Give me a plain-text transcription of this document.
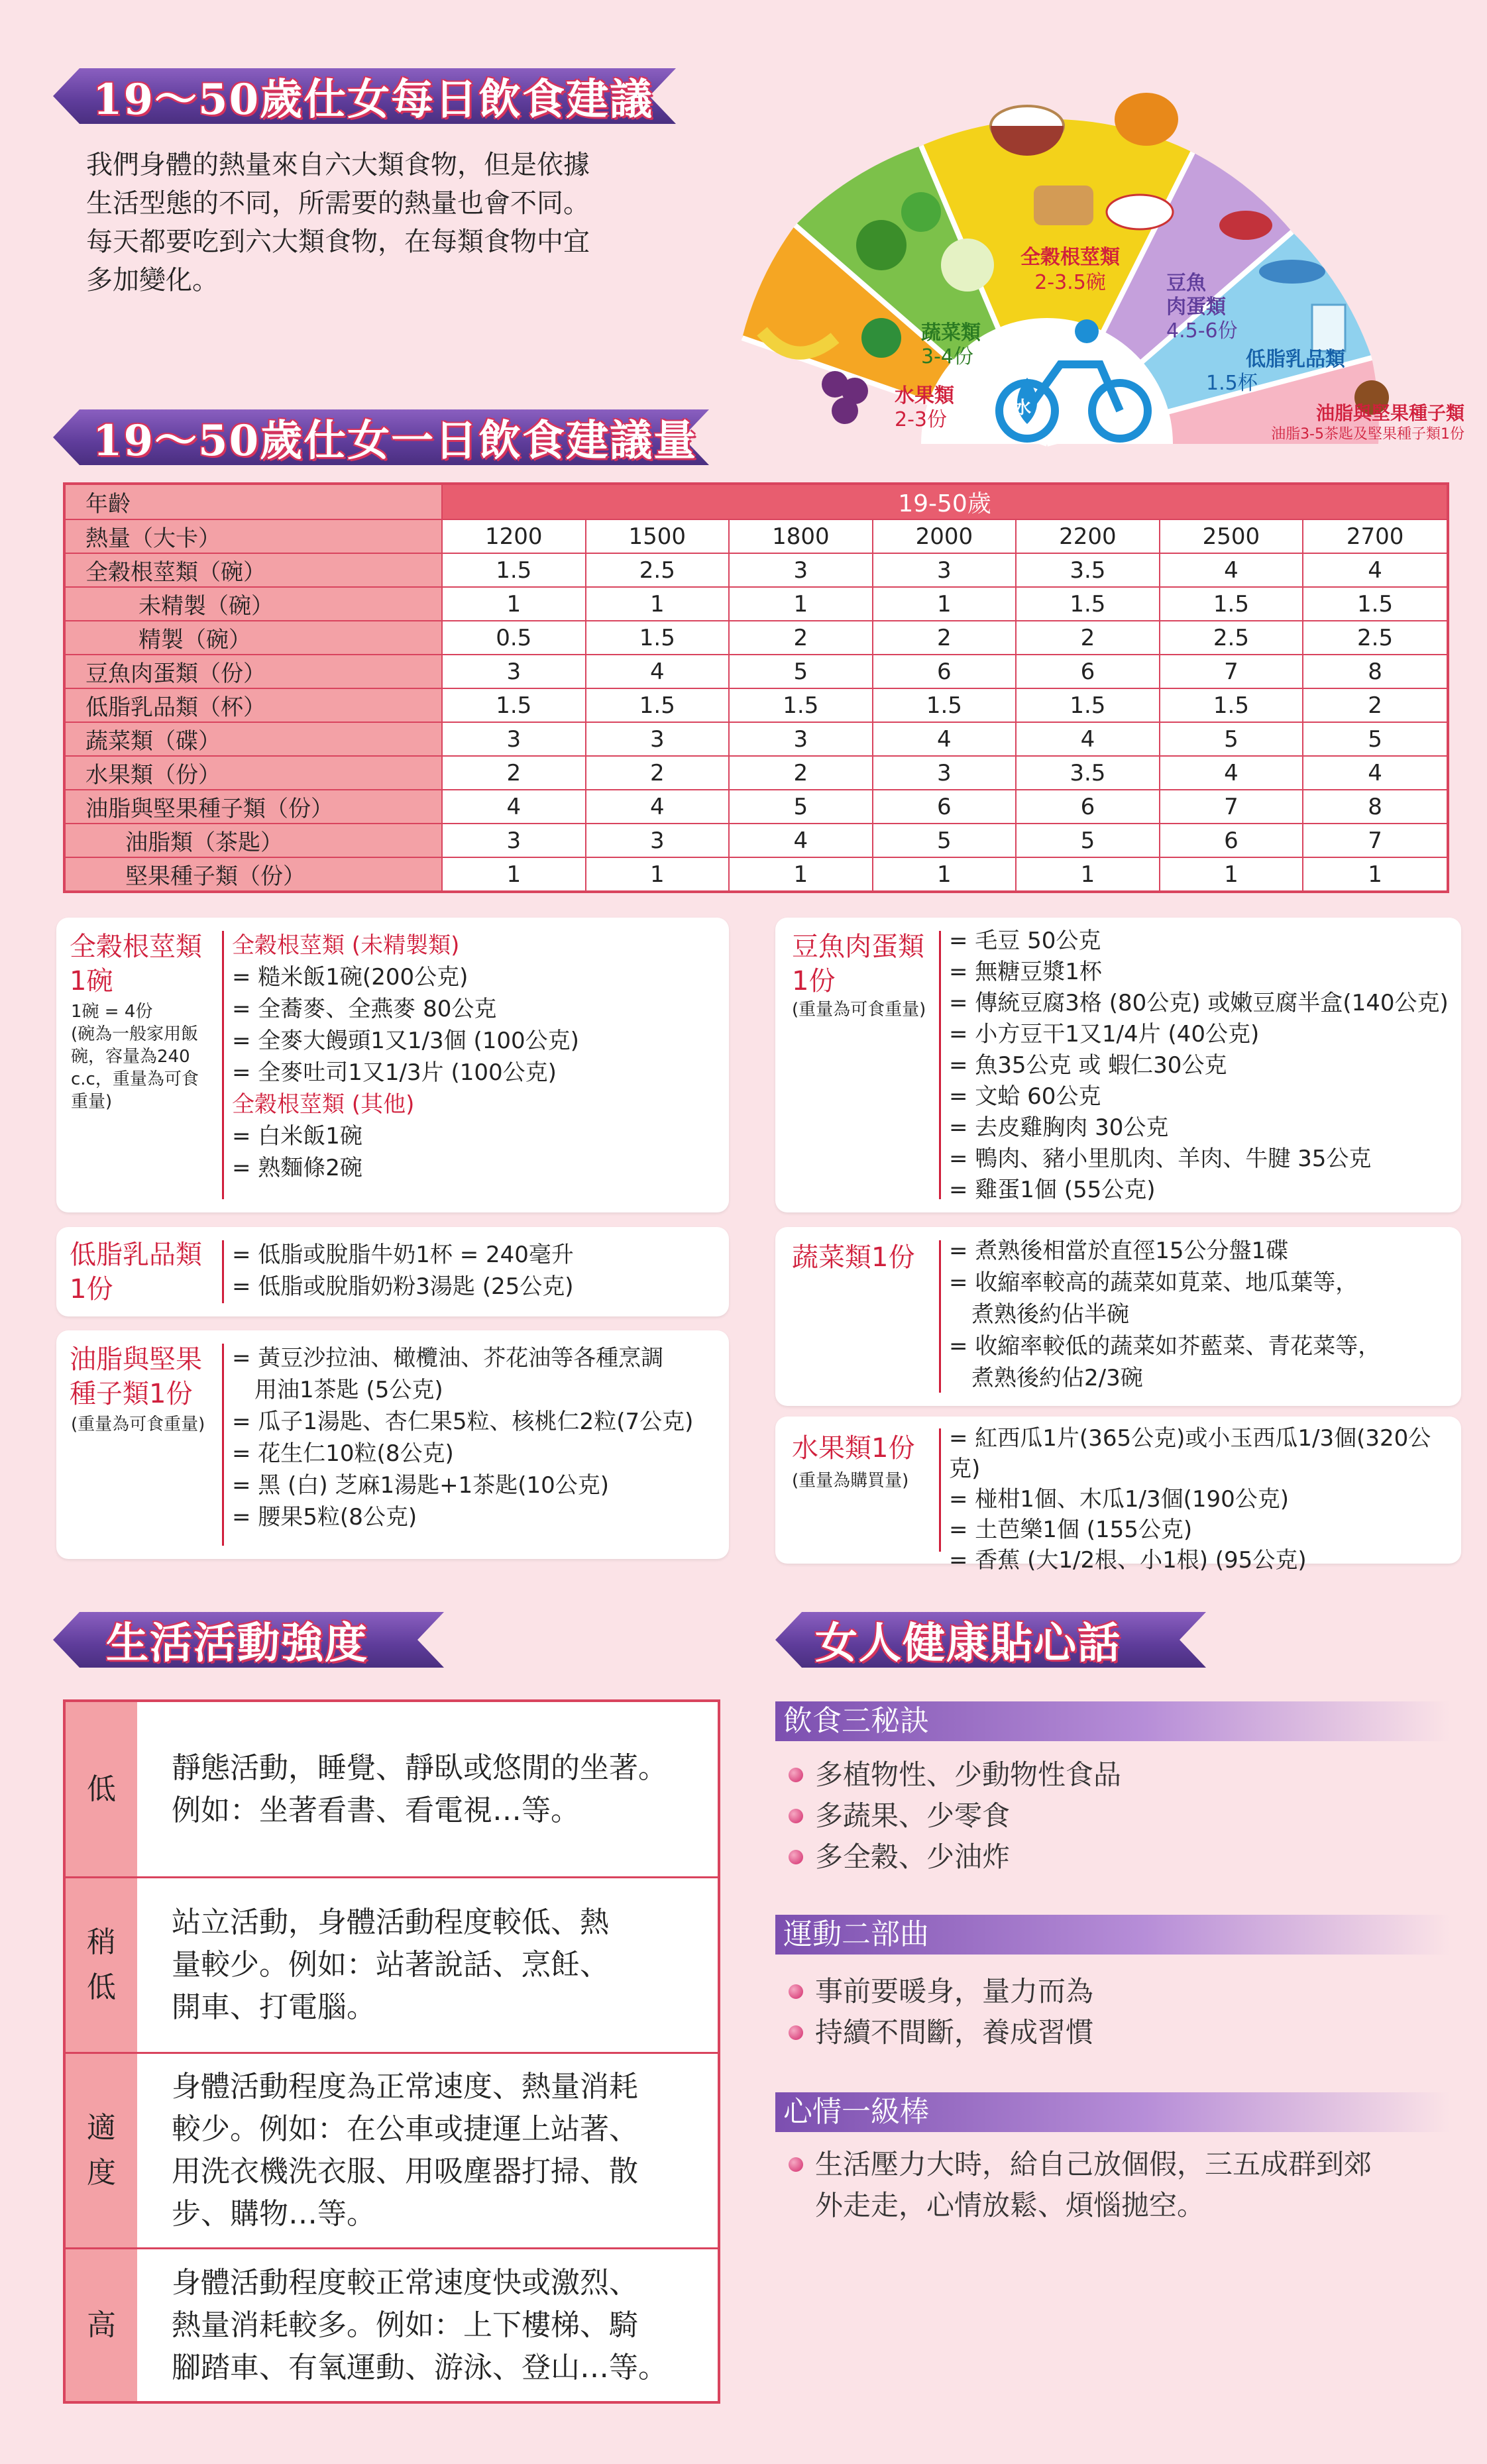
19～50歲仕女每日飲食建議
我們身體的熱量來自六大類食物，但是依據
生活型態的不同，所需要的熱量也會不同。
每天都要吃到六大類食物，在每類食物中宜
多加變化。
全穀根莖類
2-3.5碗	豆魚
肉蛋類
4.5-6份
低脂乳品類
1.5杯
蔬菜類
3-4份
水果類
2-3份	水	油脂與堅果種子類
油脂3-5茶匙及堅果種子類1份
19～50歲仕女一日飲食建議量
年齡	19-50歲						
熱量（大卡）	1200	1500	1800	2000	2200	2500	2700
全穀根莖類（碗）	1.5	2.5	3	3	3.5	4	4
未精製（碗）	1	1	1	1	1.5	1.5	1.5
精製（碗）	0.5	1.5	2	2	2	2.5	2.5
豆魚肉蛋類（份）	3	4	5	6	6	7	8
低脂乳品類（杯）	1.5	1.5	1.5	1.5	1.5	1.5	2
蔬菜類（碟）	3	3	3	4	4	5	5
水果類（份）	2	2	2	3	3.5	4	4
油脂與堅果種子類（份）	4	4	5	6	6	7	8
油脂類（茶匙）	3	3	4	5	5	6	7
堅果種子類（份）	1	1	1	1	1	1	1
全穀根莖類
1碗
1碗 = 4份
(碗為一般家用飯
碗，容量為240
c.c，重量為可食
重量)
全穀根莖類 (未精製類)
= 糙米飯1碗(200公克)
= 全蕎麥、全燕麥 80公克
= 全麥大饅頭1又1/3個 (100公克)
= 全麥吐司1又1/3片 (100公克)
全穀根莖類 (其他)
= 白米飯1碗
= 熟麵條2碗
低脂乳品類
1份
= 低脂或脫脂牛奶1杯 = 240毫升
= 低脂或脫脂奶粉3湯匙 (25公克)
油脂與堅果
種子類1份
(重量為可食重量)
= 黃豆沙拉油、橄欖油、芥花油等各種烹調
用油1茶匙 (5公克)
= 瓜子1湯匙、杏仁果5粒、核桃仁2粒(7公克)
= 花生仁10粒(8公克)
= 黑 (白) 芝麻1湯匙+1茶匙(10公克)
= 腰果5粒(8公克)
豆魚肉蛋類
1份
(重量為可食重量)
= 毛豆 50公克
= 無糖豆漿1杯
= 傳統豆腐3格 (80公克) 或嫩豆腐半盒(140公克)
= 小方豆干1又1/4片 (40公克)
= 魚35公克 或 蝦仁30公克
= 文蛤 60公克
= 去皮雞胸肉 30公克
= 鴨肉、豬小里肌肉、羊肉、牛腱 35公克
= 雞蛋1個 (55公克)
蔬菜類1份 = 煮熟後相當於直徑15公分盤1碟
= 收縮率較高的蔬菜如莧菜、地瓜葉等，
煮熟後約佔半碗
= 收縮率較低的蔬菜如芥藍菜、青花菜等，
煮熟後約佔2/3碗
水果類1份
(重量為購買量)
= 紅西瓜1片(365公克)或小玉西瓜1/3個(320公克)
= 椪柑1個、木瓜1/3個(190公克)
= 土芭樂1個 (155公克)
= 香蕉 (大1/2根、小1根) (95公克)
生活活動強度	女人健康貼心話
低
靜態活動，睡覺、靜臥或悠閒的坐著。
例如：坐著看書、看電視…等。
稍
低
站立活動，身體活動程度較低、熱
量較少。例如：站著說話、烹飪、
開車、打電腦。
適
度
身體活動程度為正常速度、熱量消耗
較少。例如：在公車或捷運上站著、
用洗衣機洗衣服、用吸塵器打掃、散
步、購物…等。
高
身體活動程度較正常速度快或激烈、
熱量消耗較多。例如：上下樓梯、騎
腳踏車、有氧運動、游泳、登山…等。
飲食三秘訣
多植物性、少動物性食品
多蔬果、少零食
多全穀、少油炸
運動二部曲
事前要暖身，量力而為
持續不間斷，養成習慣
心情一級棒
生活壓力大時，給自己放個假，三五成群到郊
外走走，心情放鬆、煩惱拋空。
